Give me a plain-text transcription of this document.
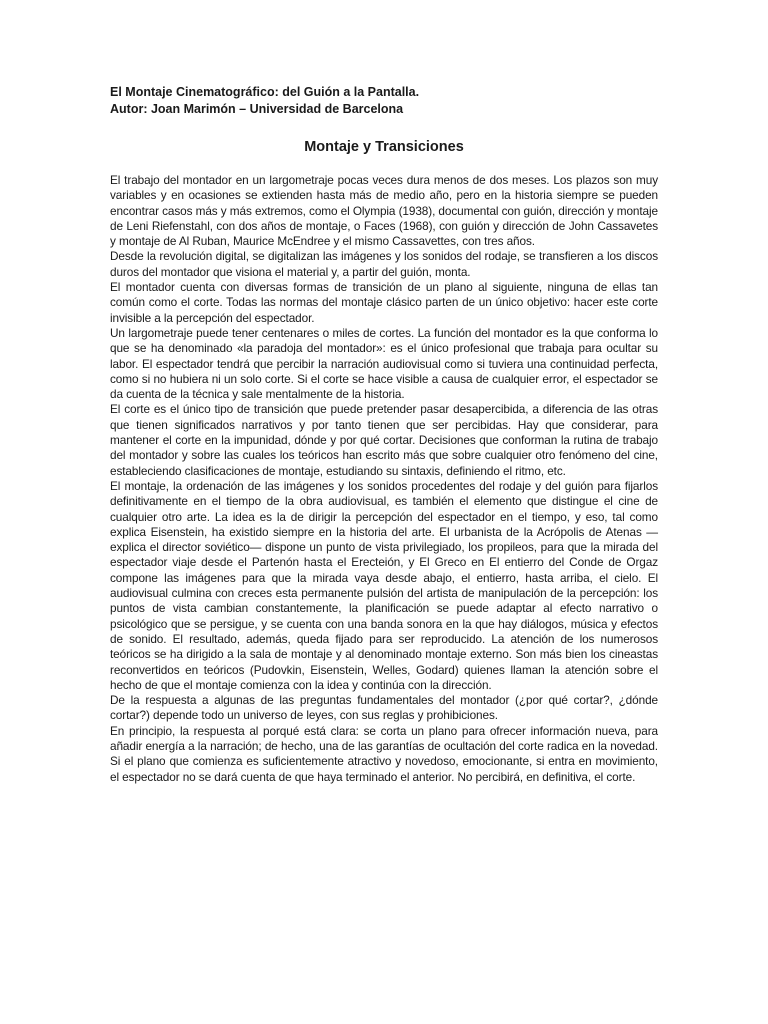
El Montaje Cinematográfico: del Guión a la Pantalla.

Autor: Joan Marimón – Universidad de Barcelona

Montaje y Transiciones

El trabajo del montador en un largometraje pocas veces dura menos de dos meses. Los plazos son muy variables y en ocasiones se extienden hasta más de medio año, pero en la historia siempre se pueden encontrar casos más y más extremos, como el Olympia (1938), documental con guión, dirección y montaje de Leni Riefenstahl, con dos años de montaje, o Faces (1968), con guión y dirección de John Cassavetes y montaje de Al Ruban, Maurice McEndree y el mismo Cassavettes, con tres años.

Desde la revolución digital, se digitalizan las imágenes y los sonidos del rodaje, se transfieren a los discos duros del montador que visiona el material y, a partir del guión, monta.

El montador cuenta con diversas formas de transición de un plano al siguiente, ninguna de ellas tan común como el corte. Todas las normas del montaje clásico parten de un único objetivo: hacer este corte invisible a la percepción del espectador.

Un largometraje puede tener centenares o miles de cortes. La función del montador es la que conforma lo que se ha denominado «la paradoja del montador»: es el único profesional que trabaja para ocultar su labor. El espectador tendrá que percibir la narración audiovisual como si tuviera una continuidad perfecta, como si no hubiera ni un solo corte. Si el corte se hace visible a causa de cualquier error, el espectador se da cuenta de la técnica y sale mentalmente de la historia.

El corte es el único tipo de transición que puede pretender pasar desapercibida, a diferencia de las otras que tienen significados narrativos y por tanto tienen que ser percibidas. Hay que considerar, para mantener el corte en la impunidad, dónde y por qué cortar. Decisiones que conforman la rutina de trabajo del montador y sobre las cuales los teóricos han escrito más que sobre cualquier otro fenómeno del cine, estableciendo clasificaciones de montaje, estudiando su sintaxis, definiendo el ritmo, etc.

El montaje, la ordenación de las imágenes y los sonidos procedentes del rodaje y del guión para fijarlos definitivamente en el tiempo de la obra audiovisual, es también el elemento que distingue el cine de cualquier otro arte. La idea es la de dirigir la percepción del espectador en el tiempo, y eso, tal como explica Eisenstein, ha existido siempre en la historia del arte. El urbanista de la Acrópolis de Atenas —explica el director soviético— dispone un punto de vista privilegiado, los propileos, para que la mirada del espectador viaje desde el Partenón hasta el Erecteión, y El Greco en El entierro del Conde de Orgaz compone las imágenes para que la mirada vaya desde abajo, el entierro, hasta arriba, el cielo. El audiovisual culmina con creces esta permanente pulsión del artista de manipulación de la percepción: los puntos de vista cambian constantemente, la planificación se puede adaptar al efecto narrativo o psicológico que se persigue, y se cuenta con una banda sonora en la que hay diálogos, música y efectos de sonido. El resultado, además, queda fijado para ser reproducido. La atención de los numerosos teóricos se ha dirigido a la sala de montaje y al denominado montaje externo. Son más bien los cineastas reconvertidos en teóricos (Pudovkin, Eisenstein, Welles, Godard) quienes llaman la atención sobre el hecho de que el montaje comienza con la idea y continúa con la dirección.

De la respuesta a algunas de las preguntas fundamentales del montador (¿por qué cortar?, ¿dónde cortar?) depende todo un universo de leyes, con sus reglas y prohibiciones.

En principio, la respuesta al porqué está clara: se corta un plano para ofrecer información nueva, para añadir energía a la narración; de hecho, una de las garantías de ocultación del corte radica en la novedad. Si el plano que comienza es suficientemente atractivo y novedoso, emocionante, si entra en movimiento, el espectador no se dará cuenta de que haya terminado el anterior. No percibirá, en definitiva, el corte.
